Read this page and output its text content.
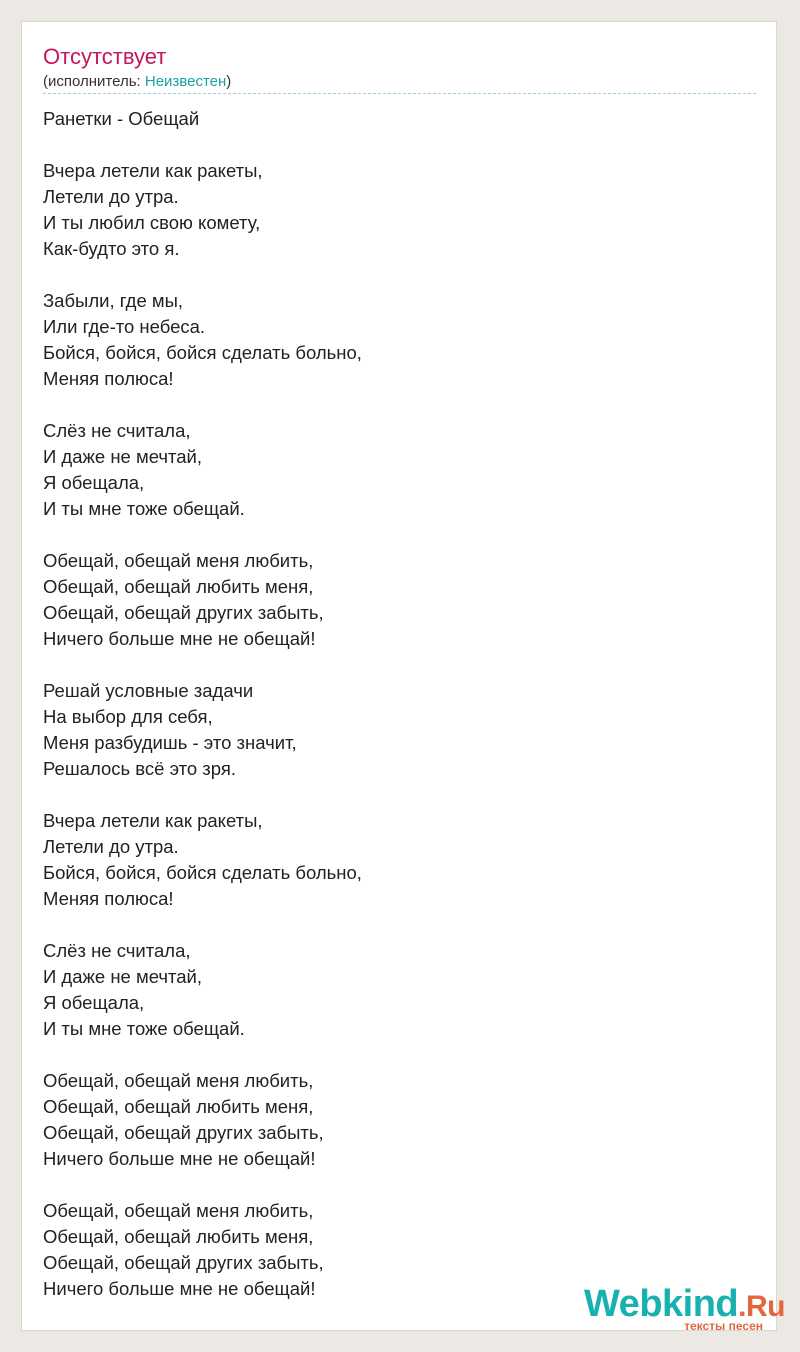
Отсутствует
(исполнитель: Неизвестен)
Ранетки - Обещай
Вчера летели как ракеты,
Летели до утра.
И ты любил свою комету,
Как-будто это я.
Забыли, где мы,
Или где-то небеса.
Бойся, бойся, бойся сделать больно,
Меняя полюса!
Слёз не считала,
И даже не мечтай,
Я обещала,
И ты мне тоже обещай.
Обещай, обещай меня любить,
Обещай, обещай любить меня,
Обещай, обещай других забыть,
Ничего больше мне не обещай!
Решай условные задачи
На выбор для себя,
Меня разбудишь - это значит,
Решалось всё это зря.
Вчера летели как ракеты,
Летели до утра.
Бойся, бойся, бойся сделать больно,
Меняя полюса!
Слёз не считала,
И даже не мечтай,
Я обещала,
И ты мне тоже обещай.
Обещай, обещай меня любить,
Обещай, обещай любить меня,
Обещай, обещай других забыть,
Ничего больше мне не обещай!
Обещай, обещай меня любить,
Обещай, обещай любить меня,
Обещай, обещай других забыть,
Ничего больше мне не обещай!	Webkind.Ru
тексты песен
